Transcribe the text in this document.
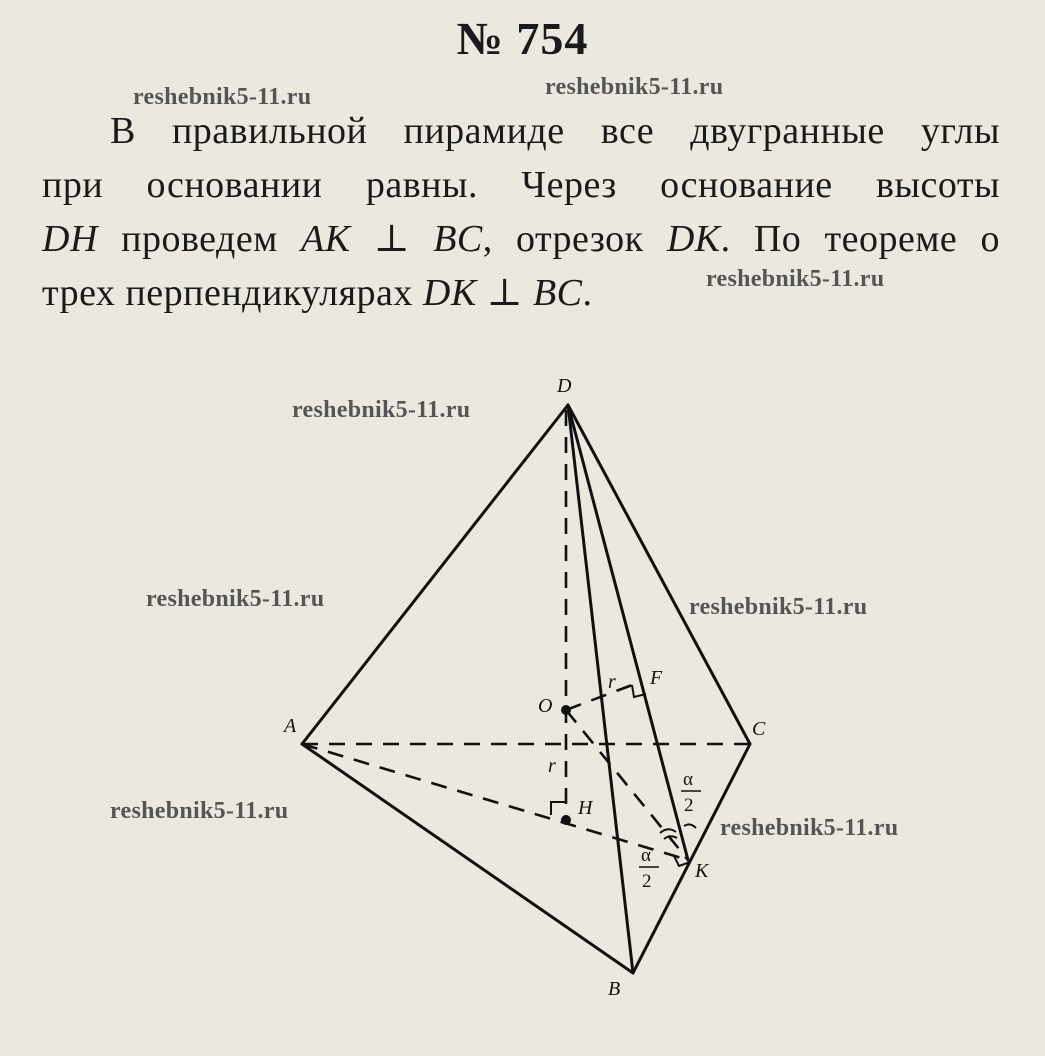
№ 754
В правильной пирамиде все двугранные углы
при основании равны. Через основание высоты
DH проведем AK ⊥ BC, отрезок DK. По теореме о
трех перпендикулярах DK ⊥ BC.
reshebnik5-11.ru	reshebnik5-11.ru
reshebnik5-11.ru
reshebnik5-11.ru
reshebnik5-11.ru	reshebnik5-11.ru
reshebnik5-11.ru
D
A
B
C
O
H
K
F
r
r
α
2
α
2
reshebnik5-11.ru
